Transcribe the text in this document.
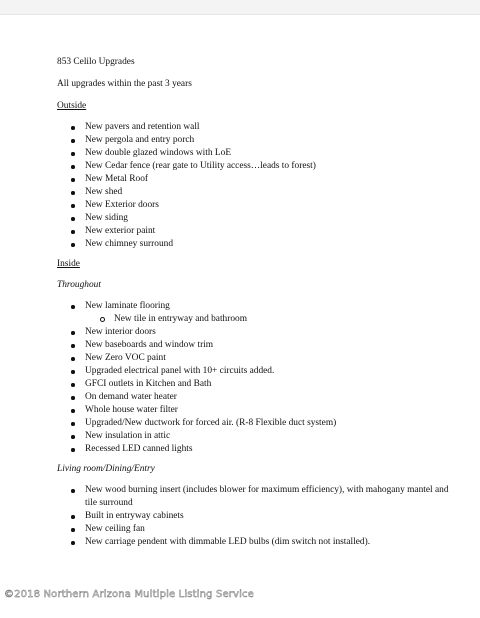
853 Celilo Upgrades

All upgrades within the past 3 years

Outside

New pavers and retention wall
New pergola and entry porch
New double glazed windows with LoE
New Cedar fence (rear gate to Utility access…leads to forest)
New Metal Roof
New shed
New Exterior doors
New siding
New exterior paint
New chimney surround

Inside

Throughout

New laminate flooring
New tile in entryway and bathroom
New interior doors
New baseboards and window trim
New Zero VOC paint
Upgraded electrical panel with 10+ circuits added.
GFCI outlets in Kitchen and Bath
On demand water heater
Whole house water filter
Upgraded/New ductwork for forced air. (R-8 Flexible duct system)
New insulation in attic
Recessed LED canned lights

Living room/Dining/Entry

New wood burning insert (includes blower for maximum efficiency), with mahogany mantel and tile surround
Built in entryway cabinets
New ceiling fan
New carriage pendent with dimmable LED bulbs (dim switch not installed).
©2018 Northern Arizona Multiple Listing Service
